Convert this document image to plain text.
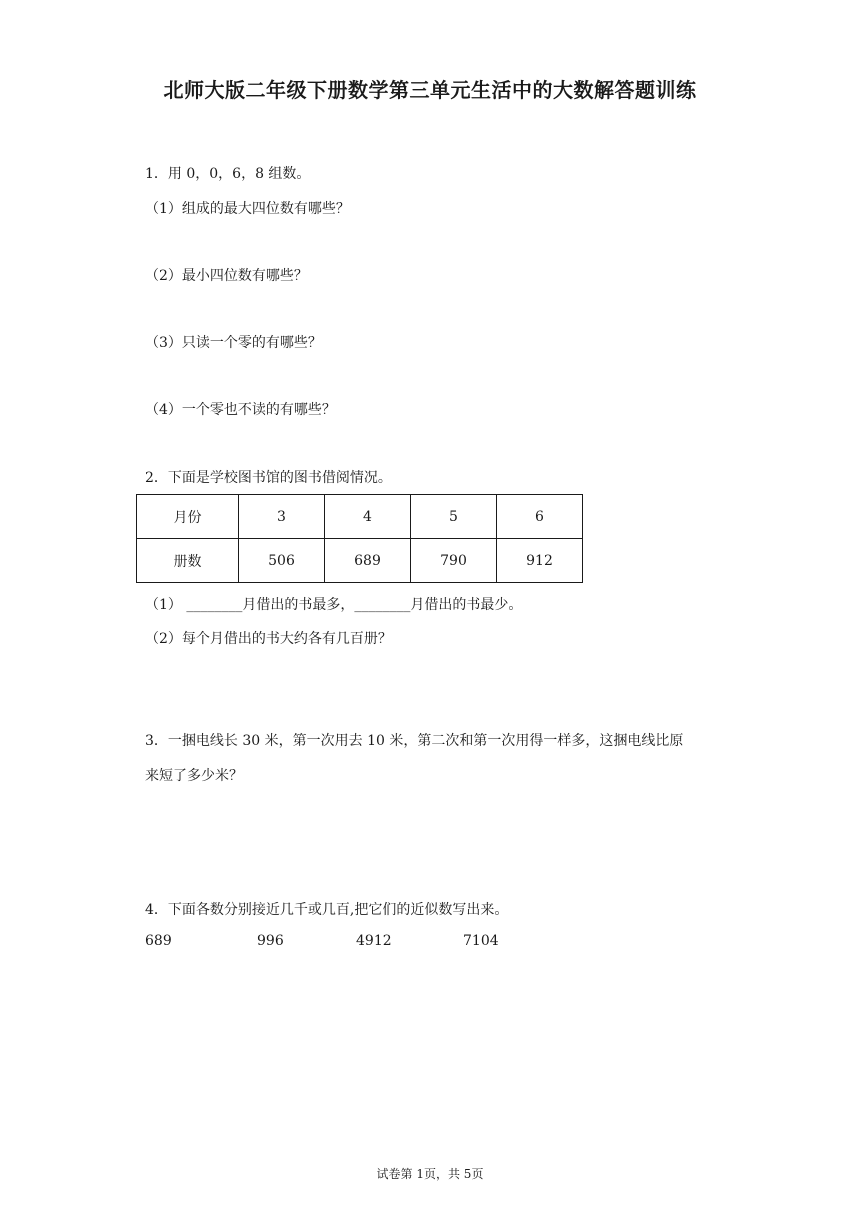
北师大版二年级下册数学第三单元生活中的大数解答题训练
1．用 0，0，6，8 组数。
（1）组成的最大四位数有哪些？
（2）最小四位数有哪些？
（3）只读一个零的有哪些？
（4）一个零也不读的有哪些？
2．下面是学校图书馆的图书借阅情况。
月份	3	4	5	6
册数	506	689	790	912
（1） ________月借出的书最多，________月借出的书最少。
（2）每个月借出的书大约各有几百册？
3．一捆电线长 30 米，第一次用去 10 米，第二次和第一次用得一样多，这捆电线比原
来短了多少米？
4．下面各数分别接近几千或几百,把它们的近似数写出来。
689	996	4912	7104
试卷第 1页，共 5页
